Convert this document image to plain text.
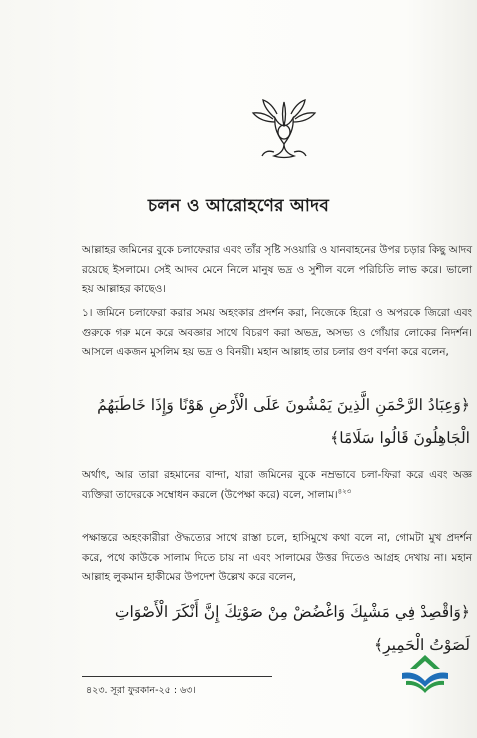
চলন ও আরোহণের আদব

আল্লাহর জমিনের বুকে চলাফেরার এবং তাঁর সৃষ্টি সওয়ারি ও যানবাহনের উপর চড়ার কিছু আদব রয়েছে ইসলামে। সেই আদব মেনে নিলে মানুষ ভদ্র ও সুশীল বলে পরিচিতি লাভ করে। ভালো হয় আল্লাহর কাছেও।

১। জমিনে চলাফেরা করার সময় অহংকার প্রদর্শন করা, নিজেকে হিরো ও অপরকে জিরো এবং গুরুকে গরু মনে করে অবজ্ঞার সাথে বিচরণ করা অভদ্র, অসভ্য ও গোঁয়ার লোকের নিদর্শন। আসলে একজন মুসলিম হয় ভদ্র ও বিনয়ী। মহান আল্লাহ তার চলার গুণ বর্ণনা করে বলেন,

﴿وَعِبَادُ الرَّحْمَنِ الَّذِينَ يَمْشُونَ عَلَى الْأَرْضِ هَوْنًا وَإِذَا خَاطَبَهُمُ الْجَاهِلُونَ قَالُوا سَلَامًا﴾

অর্থাৎ, আর তারা রহমানের বান্দা, যারা জমিনের বুকে নম্রভাবে চলা-ফিরা করে এবং অজ্ঞ ব্যক্তিরা তাদেরকে সম্বোধন করলে (উপেক্ষা করে) বলে, সালাম।$^{৪২৩}$

পক্ষান্তরে অহংকারীরা ঔদ্ধত্যের সাথে রাস্তা চলে, হাসিমুখে কথা বলে না, গোমটা মুখ প্রদর্শন করে, পথে কাউকে সালাম দিতে চায় না এবং সালামের উত্তর দিতেও আগ্রহ দেখায় না। মহান আল্লাহ লুকমান হাকীমের উপদেশ উল্লেখ করে বলেন,

﴿وَاقْصِدْ فِي مَشْيِكَ وَاغْضُضْ مِنْ صَوْتِكَ إِنَّ أَنْكَرَ الْأَصْوَاتِ لَصَوْتُ الْحَمِيرِ﴾
৪২৩. সূরা ফুরকান-২৫ : ৬৩।
